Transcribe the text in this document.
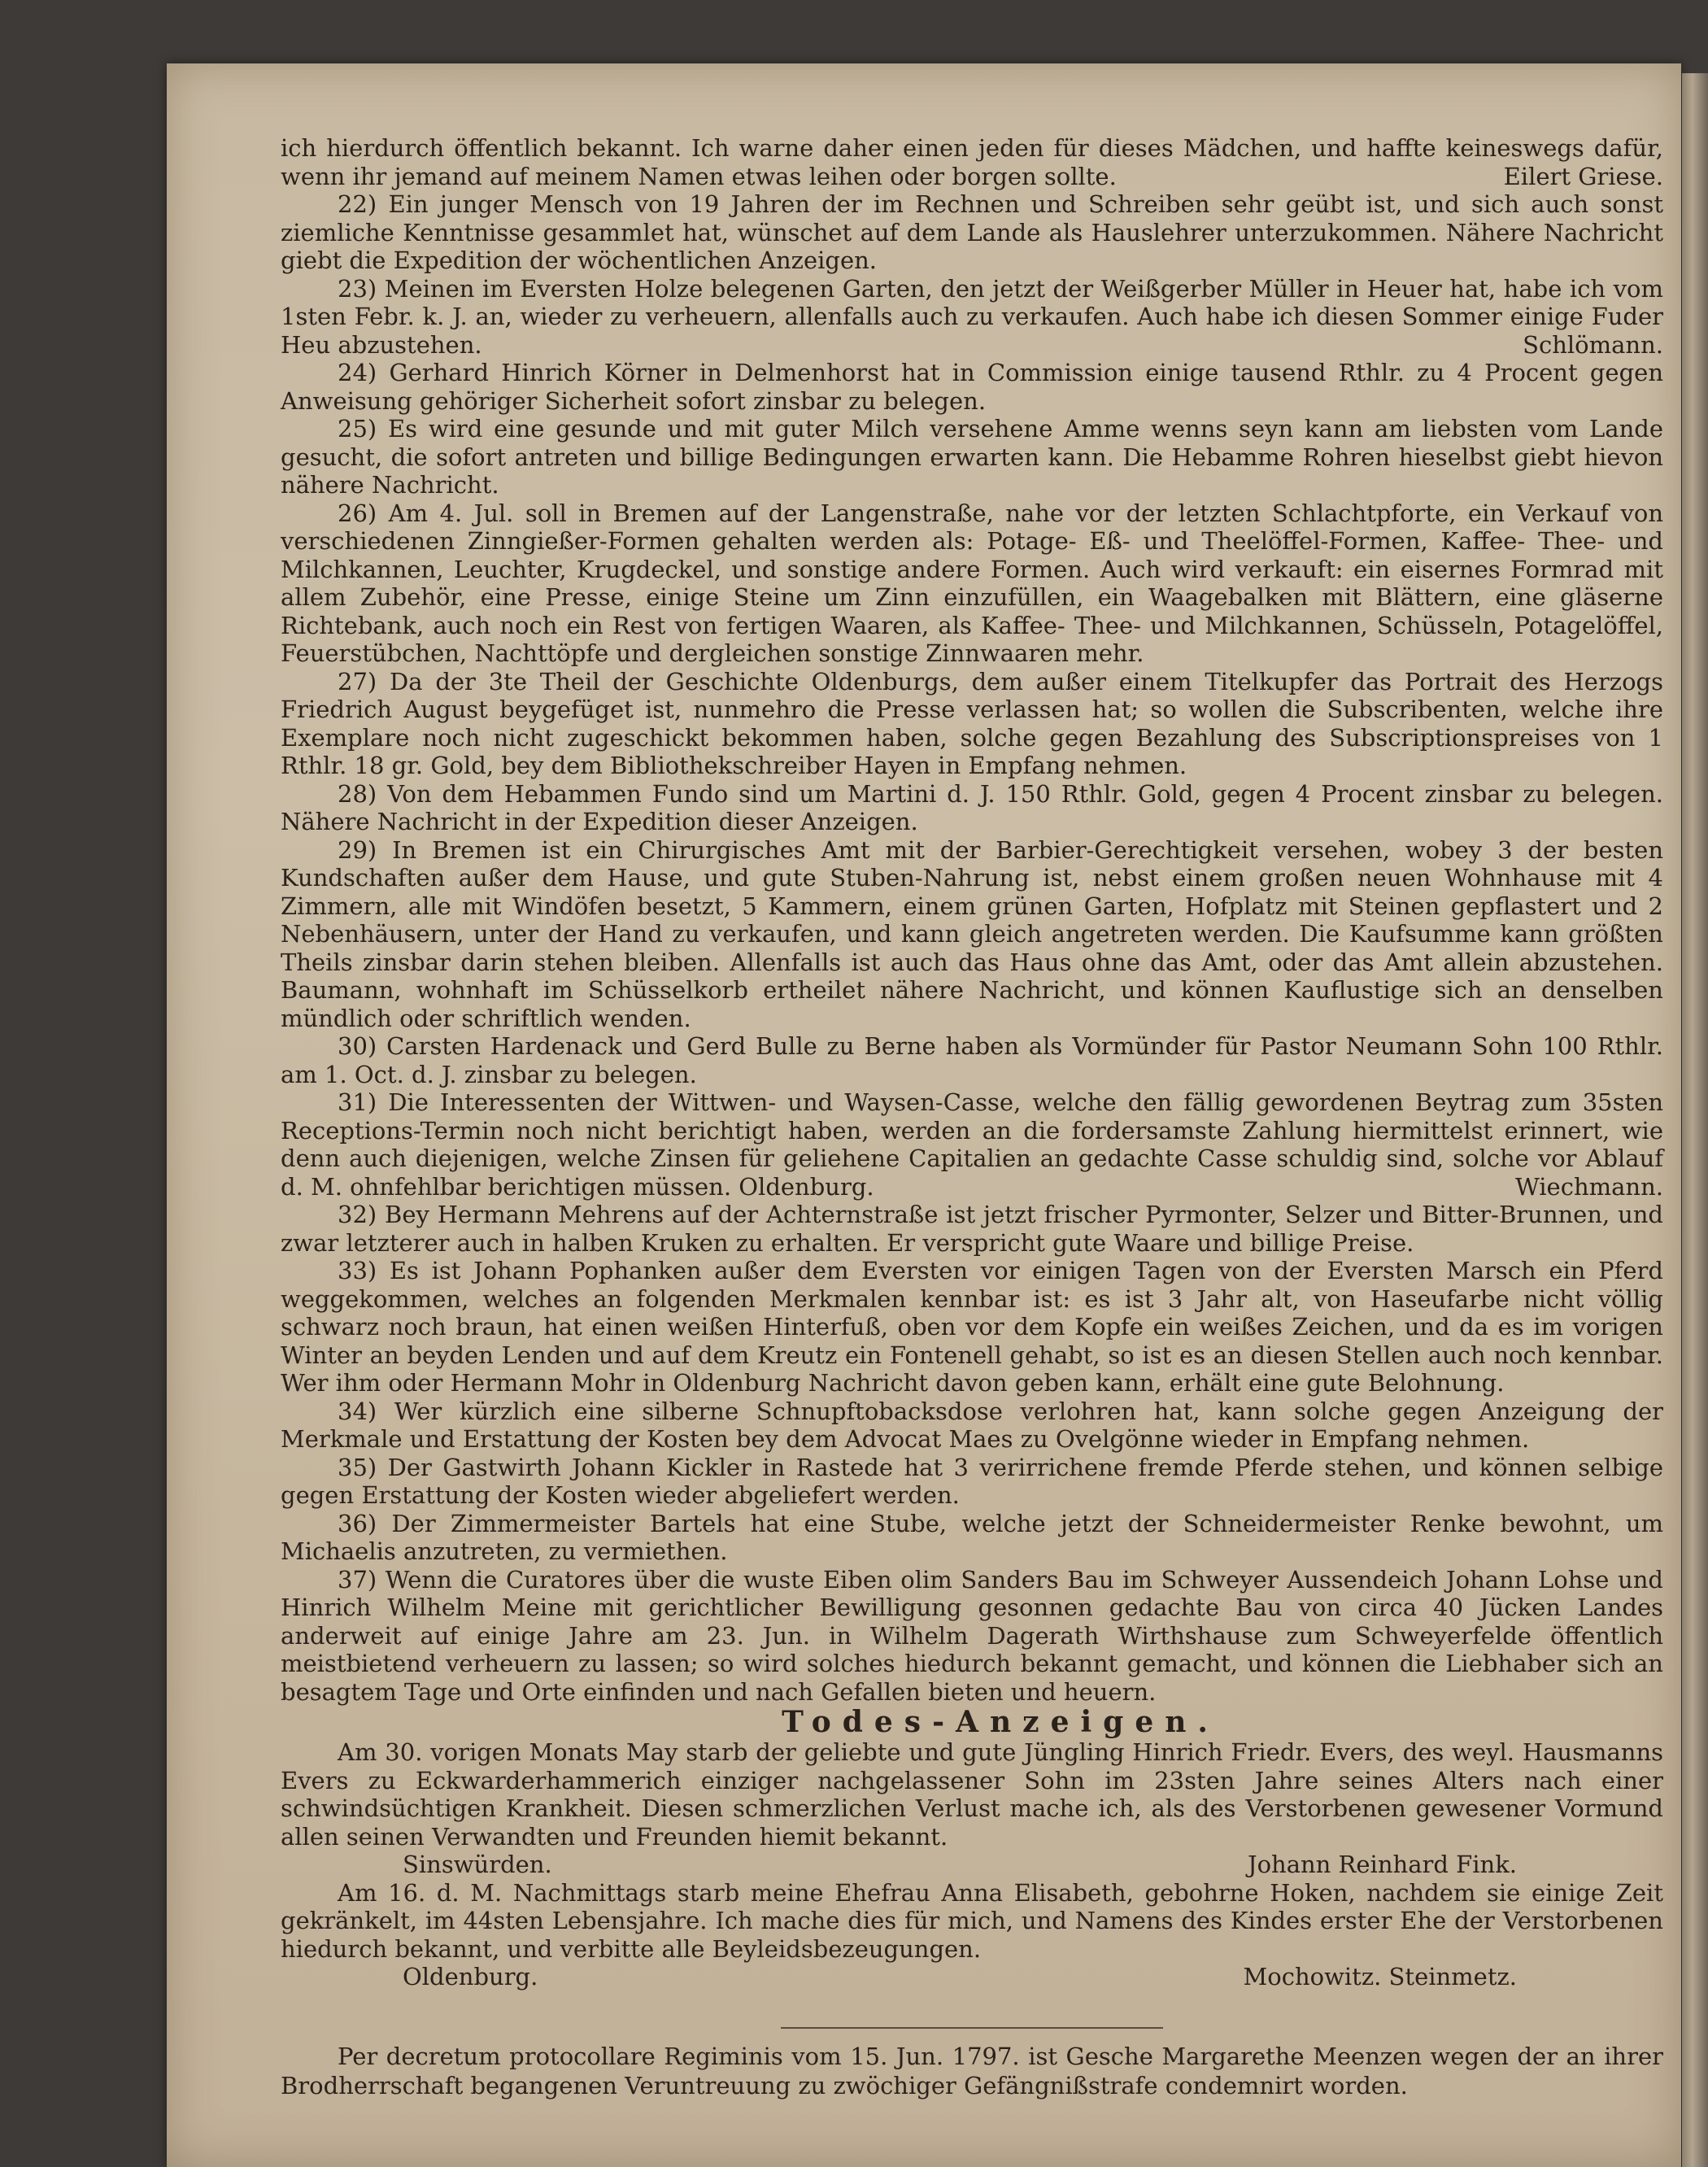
ich hierdurch öffentlich bekannt. Ich warne daher einen jeden für dieses Mädchen, und haffte keineswegs dafür, wenn ihr jemand auf meinem Namen etwas leihen oder borgen sollte.	Eilert Griese.

22) Ein junger Mensch von 19 Jahren der im Rechnen und Schreiben sehr geübt ist, und sich auch sonst ziemliche Kenntnisse gesammlet hat, wünschet auf dem Lande als Hauslehrer unterzukommen. Nähere Nachricht giebt die Expedition der wöchentlichen Anzeigen.

23) Meinen im Eversten Holze belegenen Garten, den jetzt der Weißgerber Müller in Heuer hat, habe ich vom 1sten Febr. k. J. an, wieder zu verheuern, allenfalls auch zu verkaufen. Auch habe ich diesen Sommer einige Fuder Heu abzustehen.	Schlömann.

24) Gerhard Hinrich Körner in Delmenhorst hat in Commission einige tausend Rthlr. zu 4 Procent gegen Anweisung gehöriger Sicherheit sofort zinsbar zu belegen.

25) Es wird eine gesunde und mit guter Milch versehene Amme wenns seyn kann am liebsten vom Lande gesucht, die sofort antreten und billige Bedingungen erwarten kann. Die Hebamme Rohren hieselbst giebt hievon nähere Nachricht.

26) Am 4. Jul. soll in Bremen auf der Langenstraße, nahe vor der letzten Schlachtpforte, ein Verkauf von verschiedenen Zinngießer-Formen gehalten werden als: Potage- Eß- und Theelöffel-Formen, Kaffee- Thee- und Milchkannen, Leuchter, Krugdeckel, und sonstige andere Formen. Auch wird verkauft: ein eisernes Formrad mit allem Zubehör, eine Presse, einige Steine um Zinn einzufüllen, ein Waagebalken mit Blättern, eine gläserne Richtebank, auch noch ein Rest von fertigen Waaren, als Kaffee- Thee- und Milchkannen, Schüsseln, Potagelöffel, Feuerstübchen, Nachttöpfe und dergleichen sonstige Zinnwaaren mehr.

27) Da der 3te Theil der Geschichte Oldenburgs, dem außer einem Titelkupfer das Portrait des Herzogs Friedrich August beygefüget ist, nunmehro die Presse verlassen hat; so wollen die Subscribenten, welche ihre Exemplare noch nicht zugeschickt bekommen haben, solche gegen Bezahlung des Subscriptionspreises von 1 Rthlr. 18 gr. Gold, bey dem Bibliothekschreiber Hayen in Empfang nehmen.

28) Von dem Hebammen Fundo sind um Martini d. J. 150 Rthlr. Gold, gegen 4 Procent zinsbar zu belegen. Nähere Nachricht in der Expedition dieser Anzeigen.

29) In Bremen ist ein Chirurgisches Amt mit der Barbier-Gerechtigkeit versehen, wobey 3 der besten Kundschaften außer dem Hause, und gute Stuben-Nahrung ist, nebst einem großen neuen Wohnhause mit 4 Zimmern, alle mit Windöfen besetzt, 5 Kammern, einem grünen Garten, Hofplatz mit Steinen gepflastert und 2 Nebenhäusern, unter der Hand zu verkaufen, und kann gleich angetreten werden. Die Kaufsumme kann größten Theils zinsbar darin stehen bleiben. Allenfalls ist auch das Haus ohne das Amt, oder das Amt allein abzustehen. Baumann, wohnhaft im Schüsselkorb ertheilet nähere Nachricht, und können Kauflustige sich an denselben mündlich oder schriftlich wenden.

30) Carsten Hardenack und Gerd Bulle zu Berne haben als Vormünder für Pastor Neumann Sohn 100 Rthlr. am 1. Oct. d. J. zinsbar zu belegen.

31) Die Interessenten der Wittwen- und Waysen-Casse, welche den fällig gewordenen Beytrag zum 35sten Receptions-Termin noch nicht berichtigt haben, werden an die fordersamste Zahlung hiermittelst erinnert, wie denn auch diejenigen, welche Zinsen für geliehene Capitalien an gedachte Casse schuldig sind, solche vor Ablauf d. M. ohnfehlbar berichtigen müssen. Oldenburg.	Wiechmann.

32) Bey Hermann Mehrens auf der Achternstraße ist jetzt frischer Pyrmonter, Selzer und Bitter-Brunnen, und zwar letzterer auch in halben Kruken zu erhalten. Er verspricht gute Waare und billige Preise.

33) Es ist Johann Pophanken außer dem Eversten vor einigen Tagen von der Eversten Marsch ein Pferd weggekommen, welches an folgenden Merkmalen kennbar ist: es ist 3 Jahr alt, von Haseufarbe nicht völlig schwarz noch braun, hat einen weißen Hinterfuß, oben vor dem Kopfe ein weißes Zeichen, und da es im vorigen Winter an beyden Lenden und auf dem Kreutz ein Fontenell gehabt, so ist es an diesen Stellen auch noch kennbar. Wer ihm oder Hermann Mohr in Oldenburg Nachricht davon geben kann, erhält eine gute Belohnung.

34) Wer kürzlich eine silberne Schnupftobacksdose verlohren hat, kann solche gegen Anzeigung der Merkmale und Erstattung der Kosten bey dem Advocat Maes zu Ovelgönne wieder in Empfang nehmen.

35) Der Gastwirth Johann Kickler in Rastede hat 3 verirrichene fremde Pferde stehen, und können selbige gegen Erstattung der Kosten wieder abgeliefert werden.

36) Der Zimmermeister Bartels hat eine Stube, welche jetzt der Schneidermeister Renke bewohnt, um Michaelis anzutreten, zu vermiethen.

37) Wenn die Curatores über die wuste Eiben olim Sanders Bau im Schweyer Aussendeich Johann Lohse und Hinrich Wilhelm Meine mit gerichtlicher Bewilligung gesonnen gedachte Bau von circa 40 Jücken Landes anderweit auf einige Jahre am 23. Jun. in Wilhelm Dagerath Wirthshause zum Schweyerfelde öffentlich meistbietend verheuern zu lassen; so wird solches hiedurch bekannt gemacht, und können die Liebhaber sich an besagtem Tage und Orte einfinden und nach Gefallen bieten und heuern.

Todes-Anzeigen.

Am 30. vorigen Monats May starb der geliebte und gute Jüngling Hinrich Friedr. Evers, des weyl. Hausmanns Evers zu Eckwarderhammerich einziger nachgelassener Sohn im 23sten Jahre seines Alters nach einer schwindsüchtigen Krankheit. Diesen schmerzlichen Verlust mache ich, als des Verstorbenen gewesener Vormund allen seinen Verwandten und Freunden hiemit bekannt.

Sinswürden.	Johann Reinhard Fink.

Am 16. d. M. Nachmittags starb meine Ehefrau Anna Elisabeth, gebohrne Hoken, nachdem sie einige Zeit gekränkelt, im 44sten Lebensjahre. Ich mache dies für mich, und Namens des Kindes erster Ehe der Verstorbenen hiedurch bekannt, und verbitte alle Beyleidsbezeugungen.

Oldenburg.	Mochowitz. Steinmetz.

Per decretum protocollare Regiminis vom 15. Jun. 1797. ist Gesche Margarethe Meenzen wegen der an ihrer Brodherrschaft begangenen Veruntreuung zu zwöchiger Gefängnißstrafe condemnirt worden.
